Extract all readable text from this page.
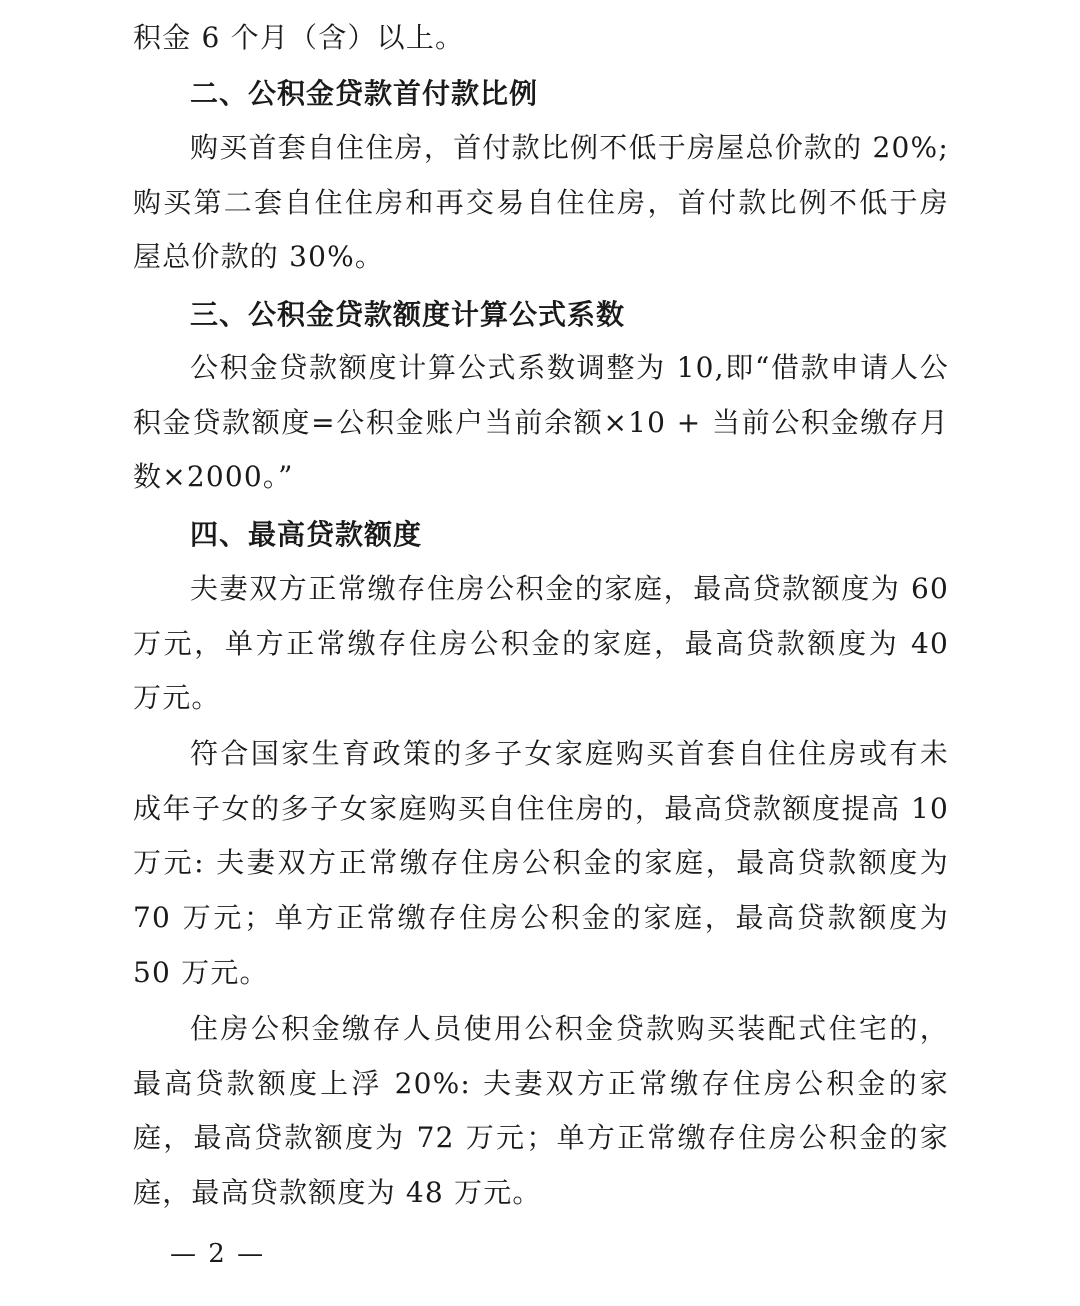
积金 6 个月（含）以上。

二、公积金贷款首付款比例

购买首套自住住房，首付款比例不低于房屋总价款的 20%;购买第二套自住住房和再交易自住住房，首付款比例不低于房屋总价款的 30%。

三、公积金贷款额度计算公式系数

公积金贷款额度计算公式系数调整为 10,即“借款申请人公积金贷款额度=公积金账户当前余额×10 + 当前公积金缴存月数×2000。”

四、最高贷款额度

夫妻双方正常缴存住房公积金的家庭，最高贷款额度为 60 万元，单方正常缴存住房公积金的家庭，最高贷款额度为 40 万元。

符合国家生育政策的多子女家庭购买首套自住住房或有未成年子女的多子女家庭购买自住住房的，最高贷款额度提高 10 万元: 夫妻双方正常缴存住房公积金的家庭，最高贷款额度为 70 万元；单方正常缴存住房公积金的家庭，最高贷款额度为 50 万元。

住房公积金缴存人员使用公积金贷款购买装配式住宅的，最高贷款额度上浮 20%: 夫妻双方正常缴存住房公积金的家庭，最高贷款额度为 72 万元；单方正常缴存住房公积金的家庭，最高贷款额度为 48 万元。

— 2 —
